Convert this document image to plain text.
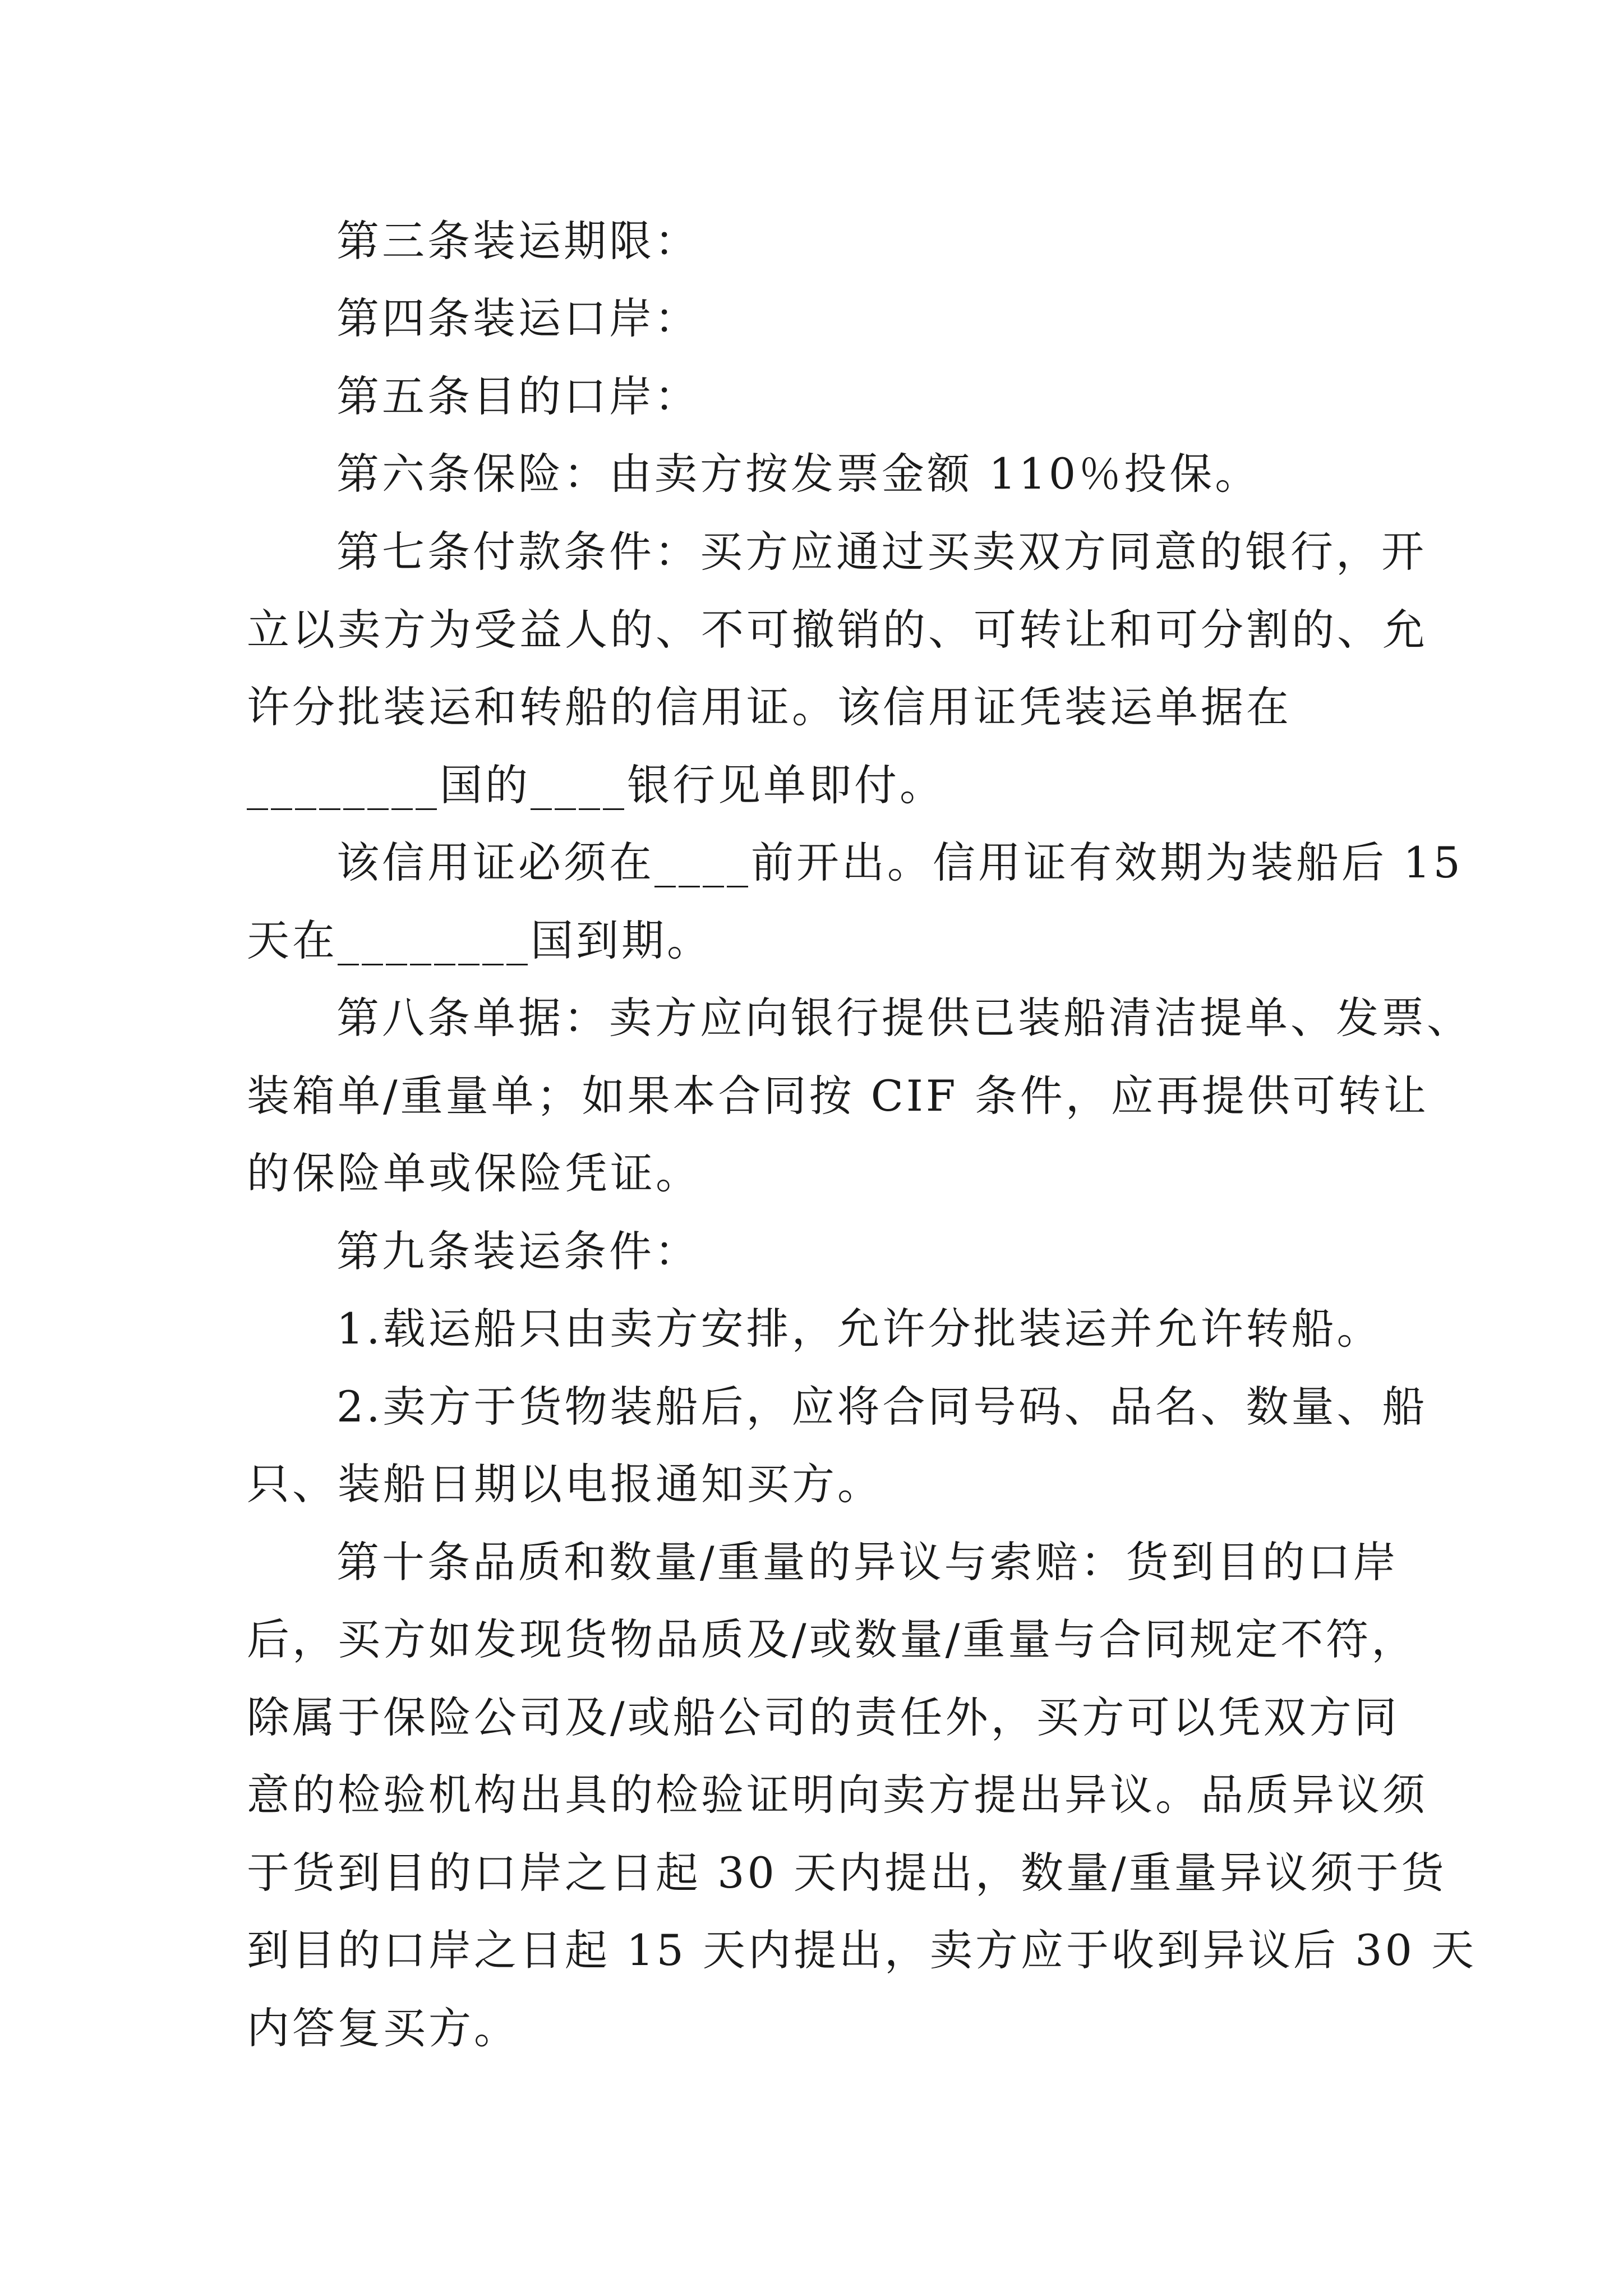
第三条装运期限：
第四条装运口岸：
第五条目的口岸：
第六条保险：由卖方按发票金额 110％投保。
第七条付款条件：买方应通过买卖双方同意的银行，开
立以卖方为受益人的、不可撤销的、可转让和可分割的、允
许分批装运和转船的信用证。该信用证凭装运单据在
________国的____银行见单即付。
该信用证必须在____前开出。信用证有效期为装船后 15
天在________国到期。
第八条单据：卖方应向银行提供已装船清洁提单、发票、
装箱单/重量单；如果本合同按 CIF 条件，应再提供可转让
的保险单或保险凭证。
第九条装运条件：
1.载运船只由卖方安排，允许分批装运并允许转船。
2.卖方于货物装船后，应将合同号码、品名、数量、船
只、装船日期以电报通知买方。
第十条品质和数量/重量的异议与索赔：货到目的口岸
后，买方如发现货物品质及/或数量/重量与合同规定不符，
除属于保险公司及/或船公司的责任外，买方可以凭双方同
意的检验机构出具的检验证明向卖方提出异议。品质异议须
于货到目的口岸之日起 30 天内提出，数量/重量异议须于货
到目的口岸之日起 15 天内提出，卖方应于收到异议后 30 天
内答复买方。
